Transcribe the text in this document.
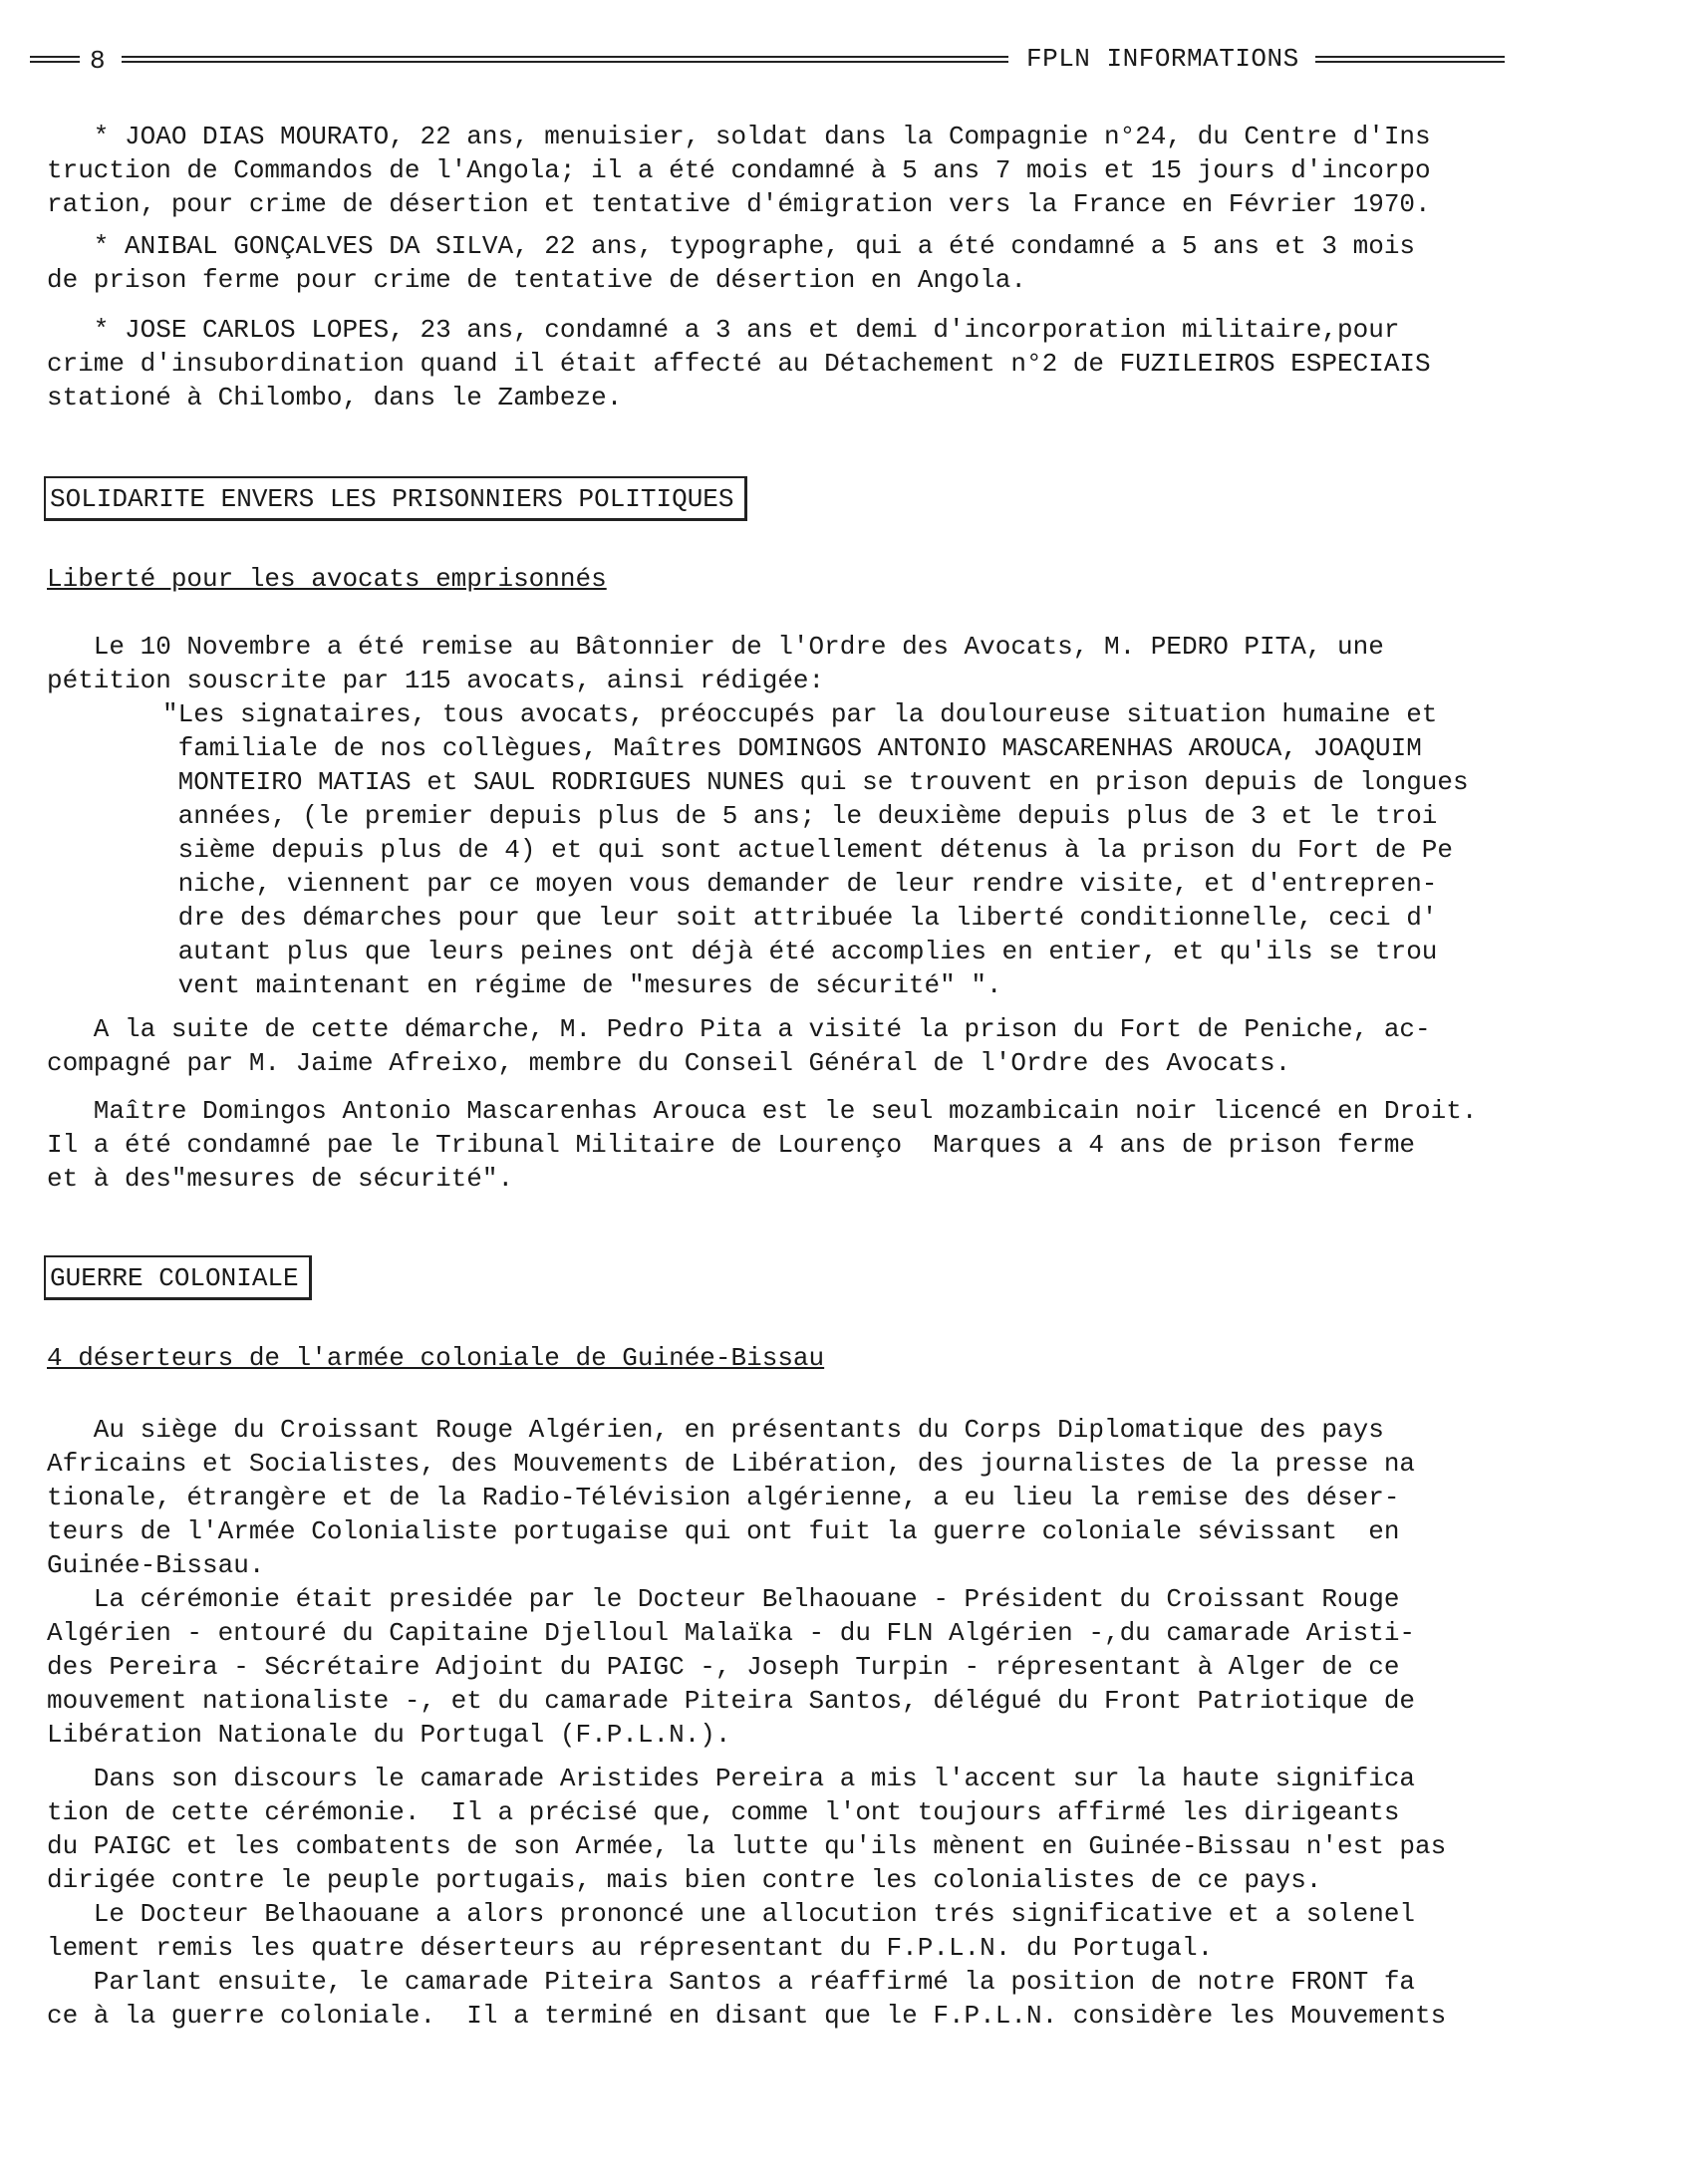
8	FPLN INFORMATIONS

* JOAO DIAS MOURATO, 22 ans, menuisier, soldat dans la Compagnie n°24, du Centre d'Ins

truction de Commandos de l'Angola; il a été condamné à 5 ans 7 mois et 15 jours d'incorpo

ration, pour crime de désertion et tentative d'émigration vers la France en Février 1970.

* ANIBAL GONÇALVES DA SILVA, 22 ans, typographe, qui a été condamné a 5 ans et 3 mois

de prison ferme pour crime de tentative de désertion en Angola.

* JOSE CARLOS LOPES, 23 ans, condamné a 3 ans et demi d'incorporation militaire,pour

crime d'insubordination quand il était affecté au Détachement n°2 de FUZILEIROS ESPECIAIS

stationé à Chilombo, dans le Zambeze.

SOLIDARITE ENVERS LES PRISONNIERS POLITIQUES
Liberté pour les avocats emprisonnés

Le 10 Novembre a été remise au Bâtonnier de l'Ordre des Avocats, M. PEDRO PITA, une

pétition souscrite par 115 avocats, ainsi rédigée:

"Les signataires, tous avocats, préoccupés par la douloureuse situation humaine et

familiale de nos collègues, Maîtres DOMINGOS ANTONIO MASCARENHAS AROUCA, JOAQUIM

MONTEIRO MATIAS et SAUL RODRIGUES NUNES qui se trouvent en prison depuis de longues

années, (le premier depuis plus de 5 ans; le deuxième depuis plus de 3 et le troi

sième depuis plus de 4) et qui sont actuellement détenus à la prison du Fort de Pe

niche, viennent par ce moyen vous demander de leur rendre visite, et d'entrepren-

dre des démarches pour que leur soit attribuée la liberté conditionnelle, ceci d'

autant plus que leurs peines ont déjà été accomplies en entier, et qu'ils se trou

vent maintenant en régime de "mesures de sécurité" ".

A la suite de cette démarche, M. Pedro Pita a visité la prison du Fort de Peniche, ac-

compagné par M. Jaime Afreixo, membre du Conseil Général de l'Ordre des Avocats.

Maître Domingos Antonio Mascarenhas Arouca est le seul mozambicain noir licencé en Droit.

Il a été condamné pae le Tribunal Militaire de Lourenço  Marques a 4 ans de prison ferme

et à des"mesures de sécurité".

GUERRE COLONIALE
4 déserteurs de l'armée coloniale de Guinée-Bissau

Au siège du Croissant Rouge Algérien, en présentants du Corps Diplomatique des pays

Africains et Socialistes, des Mouvements de Libération, des journalistes de la presse na

tionale, étrangère et de la Radio-Télévision algérienne, a eu lieu la remise des déser-

teurs de l'Armée Colonialiste portugaise qui ont fuit la guerre coloniale sévissant  en

Guinée-Bissau.

La cérémonie était presidée par le Docteur Belhaouane - Président du Croissant Rouge

Algérien - entouré du Capitaine Djelloul Malaïka - du FLN Algérien -,du camarade Aristi-

des Pereira - Sécrétaire Adjoint du PAIGC -, Joseph Turpin - répresentant à Alger de ce

mouvement nationaliste -, et du camarade Piteira Santos, délégué du Front Patriotique de

Libération Nationale du Portugal (F.P.L.N.).

Dans son discours le camarade Aristides Pereira a mis l'accent sur la haute significa

tion de cette cérémonie.  Il a précisé que, comme l'ont toujours affirmé les dirigeants

du PAIGC et les combatents de son Armée, la lutte qu'ils mènent en Guinée-Bissau n'est pas

dirigée contre le peuple portugais, mais bien contre les colonialistes de ce pays.

Le Docteur Belhaouane a alors prononcé une allocution trés significative et a solenel

lement remis les quatre déserteurs au répresentant du F.P.L.N. du Portugal.

Parlant ensuite, le camarade Piteira Santos a réaffirmé la position de notre FRONT fa

ce à la guerre coloniale.  Il a terminé en disant que le F.P.L.N. considère les Mouvements
